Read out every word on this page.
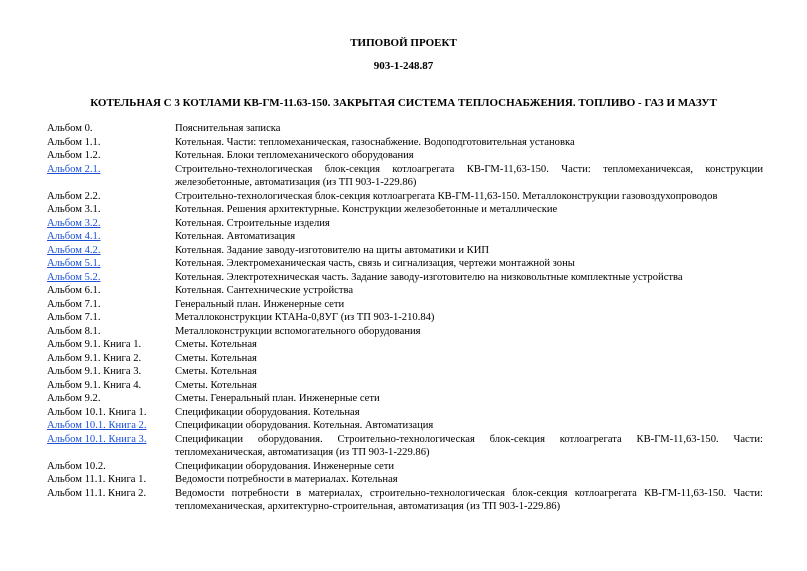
ТИПОВОЙ ПРОЕКТ
903-1-248.87
КОТЕЛЬНАЯ С 3 КОТЛАМИ КВ-ГМ-11.63-150. ЗАКРЫТАЯ СИСТЕМА ТЕПЛОСНАБЖЕНИЯ. ТОПЛИВО - ГАЗ И МАЗУТ
Альбом 0.	Пояснительная записка
Альбом 1.1.	Котельная. Части: тепломеханическая, газоснабжение. Водоподготовительная установка
Альбом 1.2.	Котельная. Блоки тепломеханического оборудования
Альбом 2.1.	Строительно-технологическая блок-секция котлоагрегата КВ-ГМ-11,63-150. Части: тепломеханичексая, конструкции железобетонные, автоматизация (из ТП 903-1-229.86)
Альбом 2.2.	Строительно-технологическая блок-секция котлоагрегата КВ-ГМ-11,63-150. Металлоконструкции газовоздухопроводов
Альбом 3.1.	Котельная. Решения архитектурные. Конструкции железобетонные и металлические
Альбом 3.2.	Котельная. Строительные изделия
Альбом 4.1.	Котельная. Автоматизация
Альбом 4.2.	Котельная. Задание заводу-изготовителю на щиты автоматики и КИП
Альбом 5.1.	Котельная. Электромеханическая часть, связь и сигнализация, чертежи монтажной зоны
Альбом 5.2.	Котельная. Электротехническая часть. Задание заводу-изготовителю на низковольтные комплектные устройства
Альбом 6.1.	Котельная. Сантехнические устройства
Альбом 7.1.	Генеральный план. Инженерные сети
Альбом 7.1.	Металлоконструкции КТАНа-0,8УГ (из ТП 903-1-210.84)
Альбом 8.1.	Металлоконструкции вспомогательного оборудования
Альбом 9.1. Книга 1.	Сметы. Котельная
Альбом 9.1. Книга 2.	Сметы. Котельная
Альбом 9.1. Книга 3.	Сметы. Котельная
Альбом 9.1. Книга 4.	Сметы. Котельная
Альбом 9.2.	Сметы. Генеральный план. Инженерные сети
Альбом 10.1. Книга 1.	Спецификации оборудования. Котельная
Альбом 10.1. Книга 2.	Спецификации оборудования. Котельная. Автоматизация
Альбом 10.1. Книга 3.	Спецификации оборудования. Строительно-технологическая блок-секция котлоагрегата КВ-ГМ-11,63-150. Части: тепломеханическая, автоматизация (из ТП 903-1-229.86)
Альбом 10.2.	Спецификации оборудования. Инженерные сети
Альбом 11.1. Книга 1.	Ведомости потребности в материалах. Котельная
Альбом 11.1. Книга 2.	Ведомости потребности в материалах, строительно-технологическая блок-секция котлоагрегата КВ-ГМ-11,63-150. Части: тепломеханическая, архитектурно-строительная, автоматизация (из ТП 903-1-229.86)
